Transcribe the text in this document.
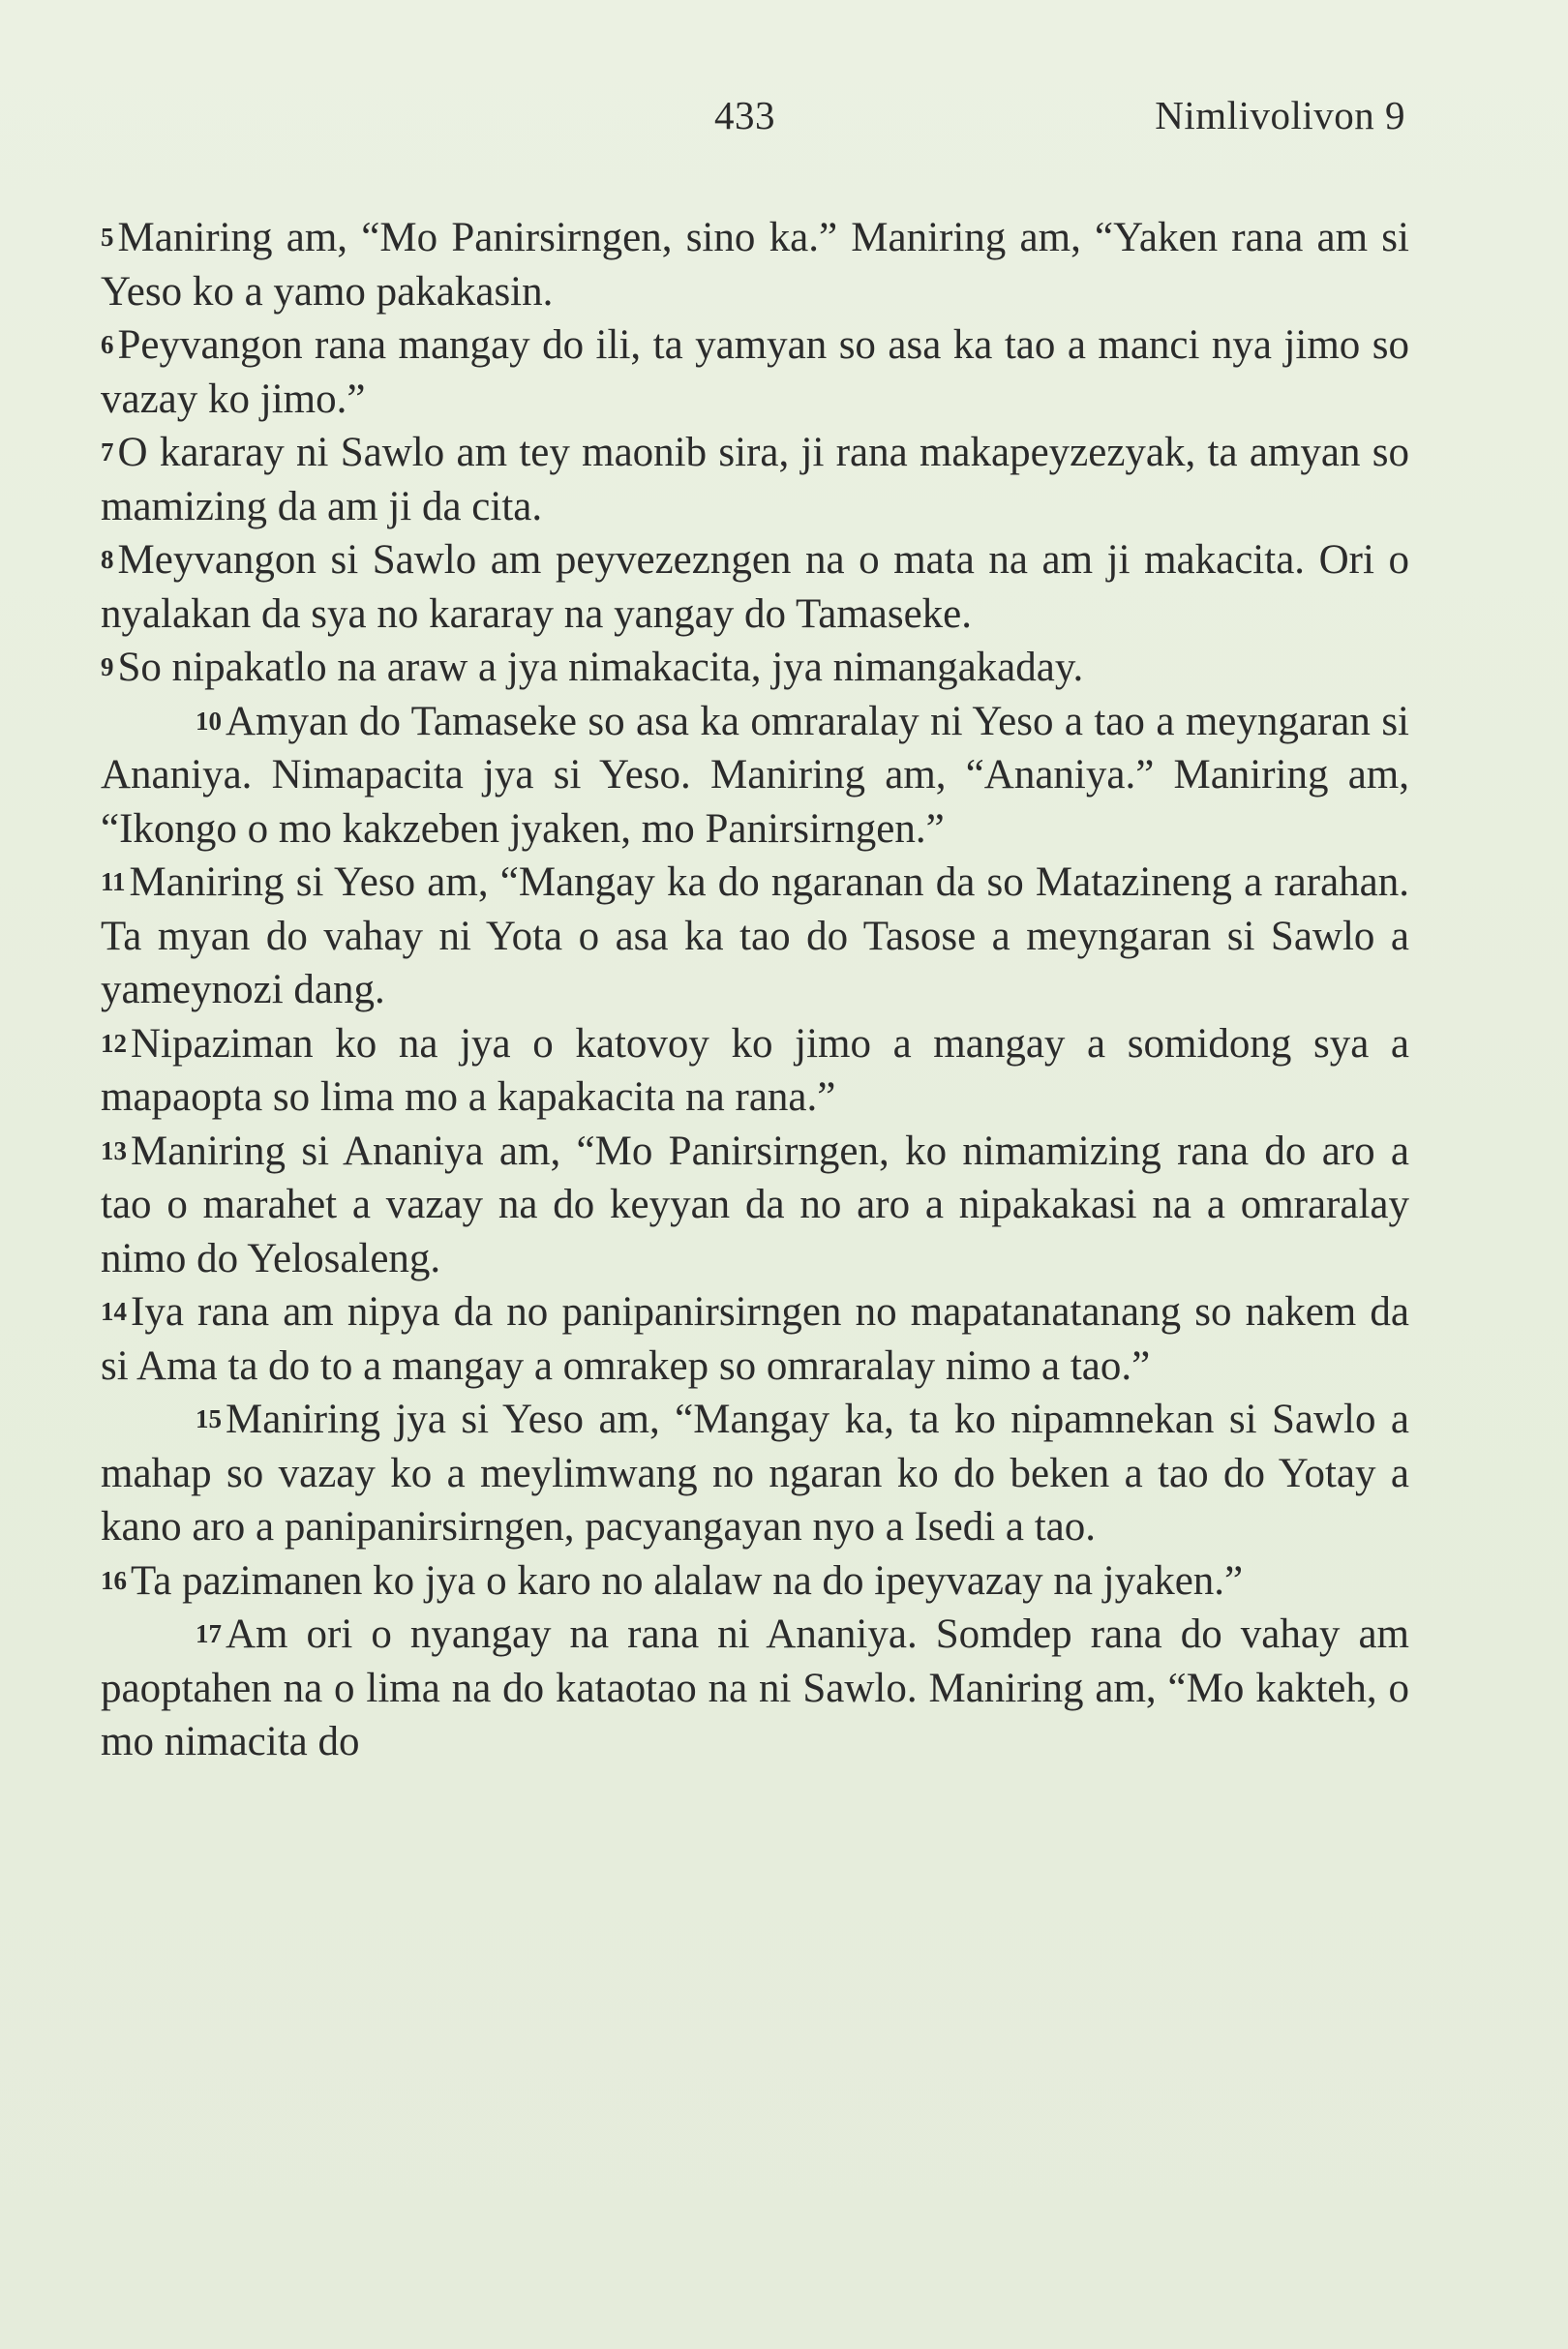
433	Nimlivolivon 9

5Maniring am, “Mo Panirsirngen, sino ka.” Maniring am, “Yaken rana am si Yeso ko a yamo pakakasin.

6Peyvangon rana mangay do ili, ta yamyan so asa ka tao a manci nya jimo so vazay ko jimo.”

7O kararay ni Sawlo am tey maonib sira, ji rana makapeyzezyak, ta amyan so mamizing da am ji da cita.

8Meyvangon si Sawlo am peyvezezngen na o mata na am ji makacita. Ori o nyalakan da sya no kararay na yangay do Tamaseke.

9So nipakatlo na araw a jya nimakacita, jya nimangakaday.

10Amyan do Tamaseke so asa ka omraralay ni Yeso a tao a meyngaran si Ananiya. Nimapacita jya si Yeso. Maniring am, “Ananiya.” Maniring am, “Ikongo o mo kakzeben jyaken, mo Panirsirngen.”

11Maniring si Yeso am, “Mangay ka do ngaranan da so Matazineng a rarahan. Ta myan do vahay ni Yota o asa ka tao do Tasose a meyngaran si Sawlo a yameynozi dang.

12Nipaziman ko na jya o katovoy ko jimo a mangay a somidong sya a mapaopta so lima mo a kapakacita na rana.”

13Maniring si Ananiya am, “Mo Panirsirngen, ko nimamizing rana do aro a tao o marahet a vazay na do keyyan da no aro a nipakakasi na a omraralay nimo do Yelosaleng.

14Iya rana am nipya da no panipanirsirngen no mapatanatanang so nakem da si Ama ta do to a mangay a omrakep so omraralay nimo a tao.”

15Maniring jya si Yeso am, “Mangay ka, ta ko nipamnekan si Sawlo a mahap so vazay ko a meylimwang no ngaran ko do beken a tao do Yotay a kano aro a panipanirsirngen, pacyangayan nyo a Isedi a tao.

16Ta pazimanen ko jya o karo no alalaw na do ipeyvazay na jyaken.”

17Am ori o nyangay na rana ni Ananiya. Somdep rana do vahay am paoptahen na o lima na do kataotao na ni Sawlo. Maniring am, “Mo kakteh, o mo nimacita do
